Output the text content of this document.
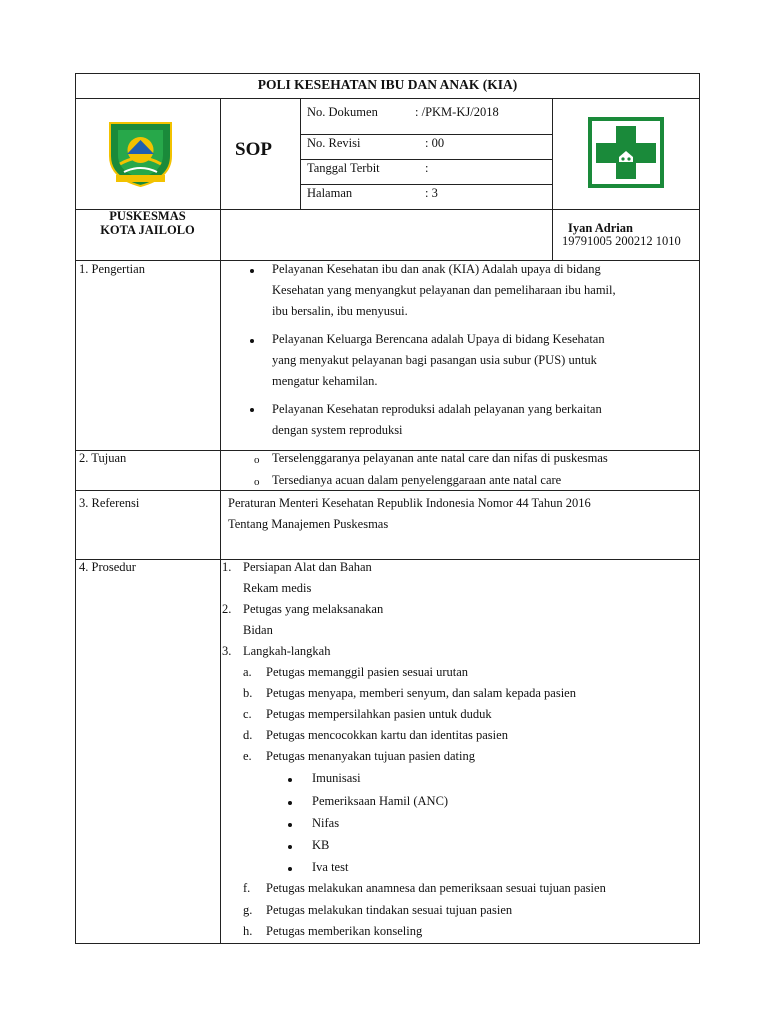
POLI KESEHATAN IBU DAN ANAK (KIA)
SOP
No. Dokumen	: /PKM-KJ/2018
No. Revisi	: 00
Tanggal Terbit	:
Halaman	: 3
PUSKESMAS
KOTA JAILOLO	Iyan Adrian
19791005 200212 1010
1. Pengertian	Pelayanan Kesehatan ibu dan anak (KIA) Adalah upaya di bidang
Kesehatan yang menyangkut pelayanan dan pemeliharaan ibu hamil,
ibu bersalin, ibu menyusui.
Pelayanan Keluarga Berencana adalah Upaya di bidang Kesehatan
yang menyakut pelayanan bagi pasangan usia subur (PUS) untuk
mengatur kehamilan.
Pelayanan Kesehatan reproduksi adalah pelayanan yang berkaitan
dengan system reproduksi
2. Tujuan	o Terselenggaranya pelayanan ante natal care dan nifas di puskesmas
o Tersedianya acuan dalam penyelenggaraan ante natal care
3. Referensi	Peraturan Menteri Kesehatan Republik Indonesia Nomor 44 Tahun 2016
Tentang Manajemen Puskesmas
4. Prosedur	1. Persiapan Alat dan Bahan
Rekam medis
2. Petugas yang melaksanakan
Bidan
3. Langkah-langkah
a. Petugas memanggil pasien sesuai urutan
b. Petugas menyapa, memberi senyum, dan salam kepada pasien
c. Petugas mempersilahkan pasien untuk duduk
d. Petugas mencocokkan kartu dan identitas pasien
e. Petugas menanyakan tujuan pasien dating
Imunisasi
Pemeriksaan Hamil (ANC)
Nifas
KB
Iva test
f. Petugas melakukan anamnesa dan pemeriksaan sesuai tujuan pasien
g. Petugas melakukan tindakan sesuai tujuan pasien
h. Petugas memberikan konseling
